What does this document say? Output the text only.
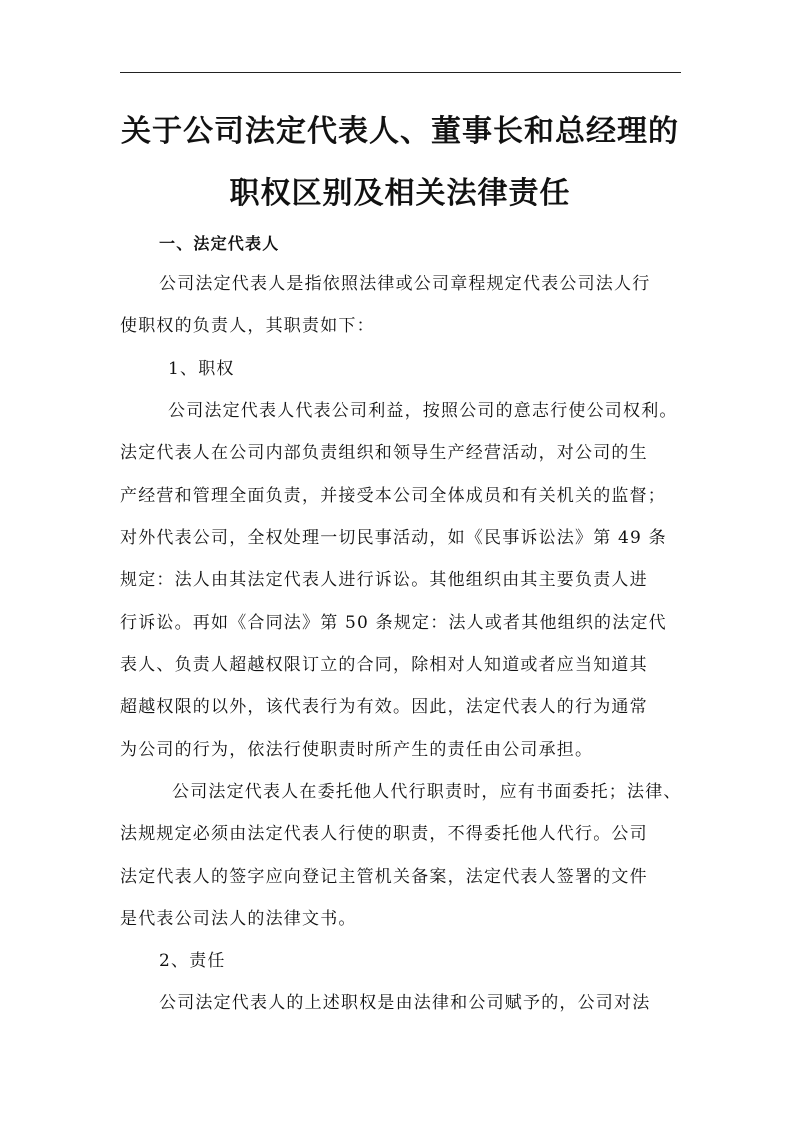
关于公司法定代表人、董事长和总经理的
职权区别及相关法律责任
一、法定代表人
公司法定代表人是指依照法律或公司章程规定代表公司法人行
使职权的负责人，其职责如下：
1、职权
公司法定代表人代表公司利益，按照公司的意志行使公司权利。
法定代表人在公司内部负责组织和领导生产经营活动，对公司的生
产经营和管理全面负责，并接受本公司全体成员和有关机关的监督；
对外代表公司，全权处理一切民事活动，如《民事诉讼法》第 49 条
规定：法人由其法定代表人进行诉讼。其他组织由其主要负责人进
行诉讼。再如《合同法》第 50 条规定：法人或者其他组织的法定代
表人、负责人超越权限订立的合同，除相对人知道或者应当知道其
超越权限的以外，该代表行为有效。因此，法定代表人的行为通常
为公司的行为，依法行使职责时所产生的责任由公司承担。
公司法定代表人在委托他人代行职责时，应有书面委托；法律、
法规规定必须由法定代表人行使的职责，不得委托他人代行。公司
法定代表人的签字应向登记主管机关备案，法定代表人签署的文件
是代表公司法人的法律文书。
2、责任
公司法定代表人的上述职权是由法律和公司赋予的，公司对法
